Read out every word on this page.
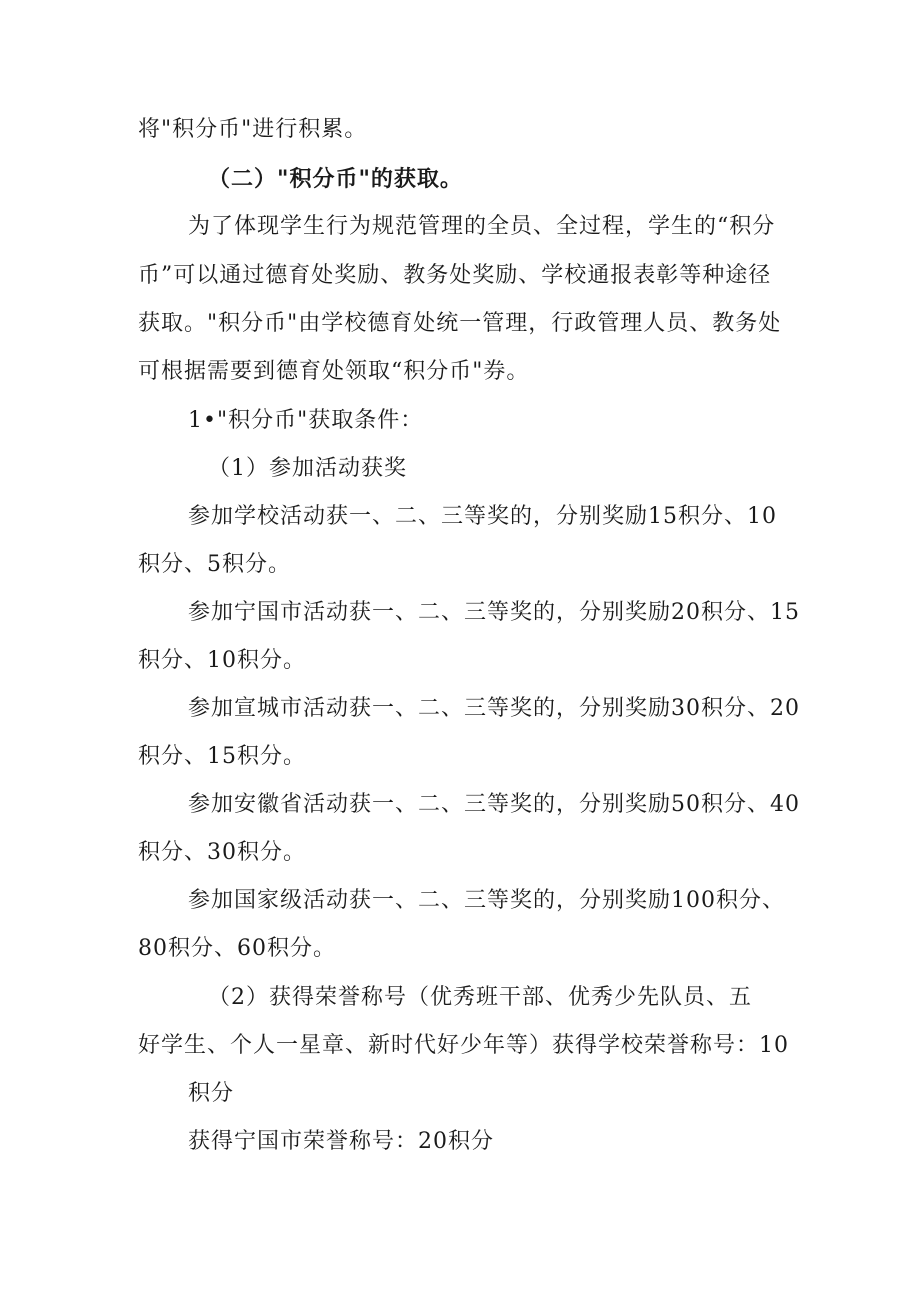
将"积分币"进行积累。
（二）"积分币"的获取。
为了体现学生行为规范管理的全员、全过程，学生的“积分
币”可以通过德育处奖励、教务处奖励、学校通报表彰等种途径
获取。"积分币"由学校德育处统一管理，行政管理人员、教务处
可根据需要到德育处领取“积分币"券。
1•"积分币"获取条件：
（1）参加活动获奖
参加学校活动获一、二、三等奖的，分别奖励15积分、10
积分、5积分。
参加宁国市活动获一、二、三等奖的，分别奖励20积分、15
积分、10积分。
参加宣城市活动获一、二、三等奖的，分别奖励30积分、20
积分、15积分。
参加安徽省活动获一、二、三等奖的，分别奖励50积分、40
积分、30积分。
参加国家级活动获一、二、三等奖的，分别奖励100积分、
80积分、60积分。
（2）获得荣誉称号（优秀班干部、优秀少先队员、五
好学生、个人一星章、新时代好少年等）获得学校荣誉称号：10
积分
获得宁国市荣誉称号：20积分
